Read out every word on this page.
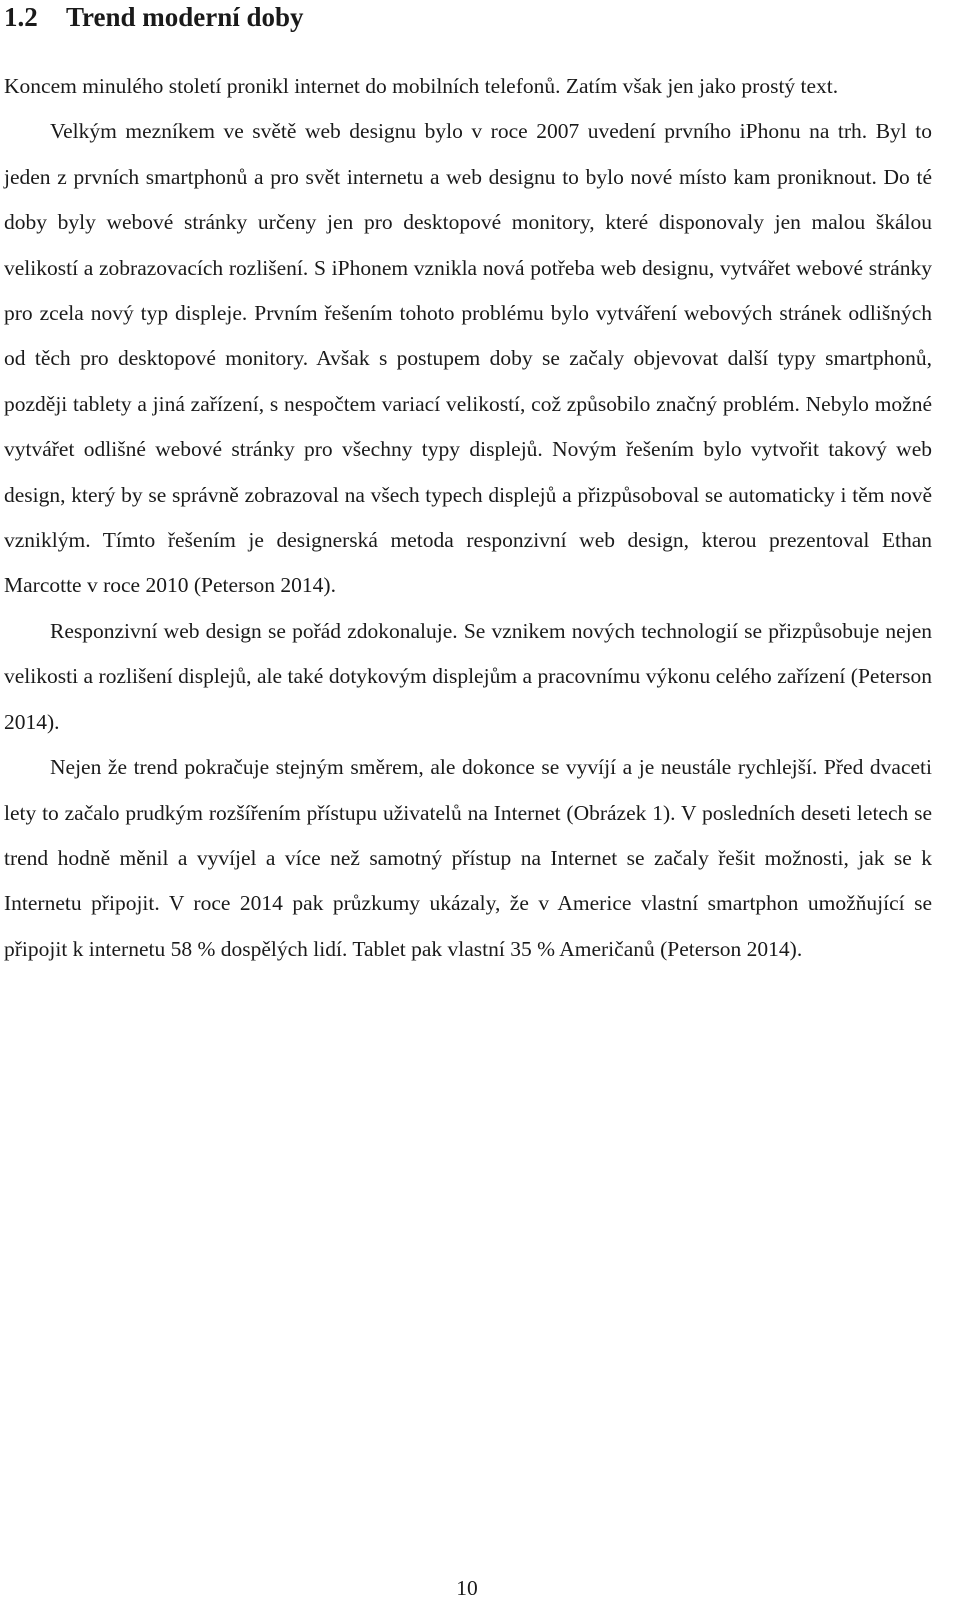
1.2 Trend moderní doby

Koncem minulého století pronikl internet do mobilních telefonů. Zatím však jen jako prostý text.

Velkým mezníkem ve světě web designu bylo v roce 2007 uvedení prvního iPhonu na trh. Byl to jeden z prvních smartphonů a pro svět internetu a web designu to bylo nové místo kam proniknout. Do té doby byly webové stránky určeny jen pro desktopové monitory, které disponovaly jen malou škálou velikostí a zobrazovacích rozlišení. S iPhonem vznikla nová potřeba web designu, vytvářet webové stránky pro zcela nový typ displeje. Prvním řešením tohoto problému bylo vytváření webových stránek odlišných od těch pro desktopové monitory. Avšak s postupem doby se začaly objevovat další typy smartphonů, později tablety a jiná zařízení, s nespočtem variací velikostí, což způsobilo značný problém. Nebylo možné vytvářet odlišné webové stránky pro všechny typy displejů. Novým řešením bylo vytvořit takový web design, který by se správně zobrazoval na všech typech displejů a přizpůsoboval se automaticky i těm nově vzniklým. Tímto řešením je designerská metoda responzivní web design, kterou prezentoval Ethan Marcotte v roce 2010 (Peterson 2014).

Responzivní web design se pořád zdokonaluje. Se vznikem nových technologií se přizpůsobuje nejen velikosti a rozlišení displejů, ale také dotykovým displejům a pracovnímu výkonu celého zařízení (Peterson 2014).

Nejen že trend pokračuje stejným směrem, ale dokonce se vyvíjí a je neustále rychlejší. Před dvaceti lety to začalo prudkým rozšířením přístupu uživatelů na Internet (Obrázek 1). V posledních deseti letech se trend hodně měnil a vyvíjel a více než samotný přístup na Internet se začaly řešit možnosti, jak se k Internetu připojit. V roce 2014 pak průzkumy ukázaly, že v Americe vlastní smartphon umožňující se připojit k internetu 58 % dospělých lidí. Tablet pak vlastní 35 % Američanů (Peterson 2014).

10
